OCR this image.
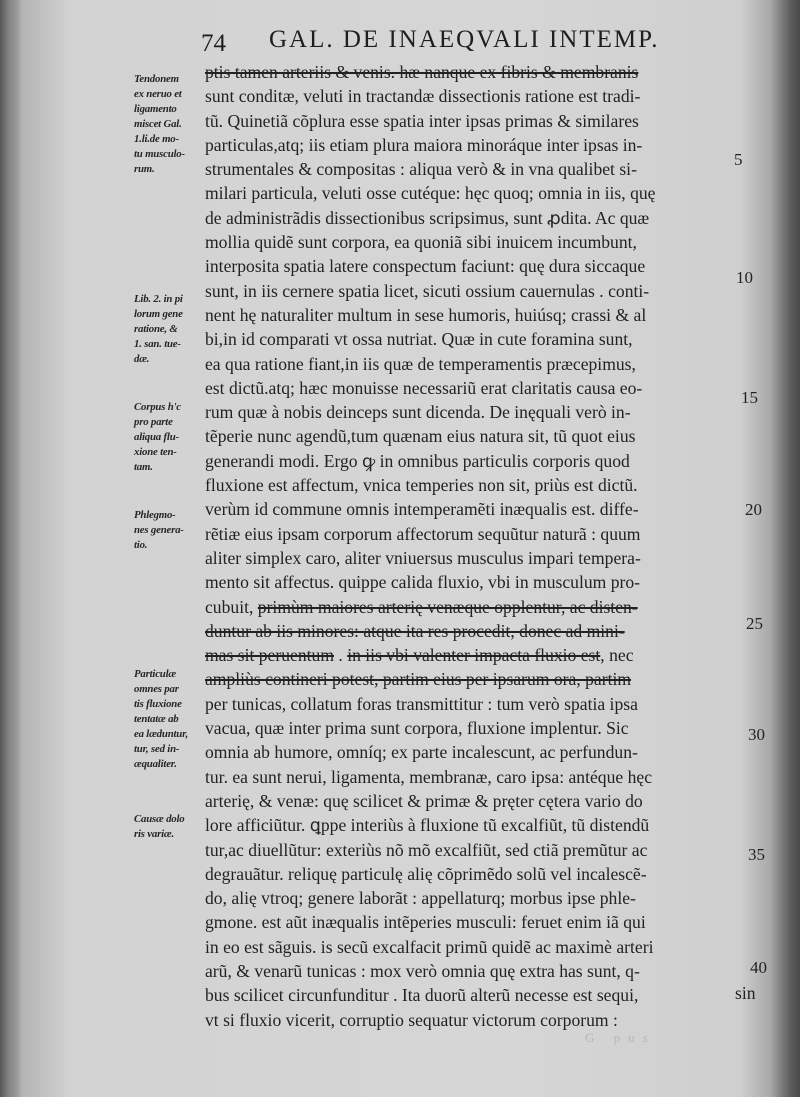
74 GAL. DE INAEQVALI INTEMP.
ptis tamen arteriis & venis. hæ nanque ex fibris & membranis
sunt conditæ, veluti in tractandæ dissectionis ratione est tradi-
tũ. Quinetiã cõplura esse spatia inter ipsas primas & similares
particulas,atq; iis etiam plura maiora minoráque inter ipsas in-
strumentales & compositas : aliqua verò & in vna qualibet si-
milari particula, veluti osse cutéque: hęc quoq; omnia in iis, quę
de administrãdis dissectionibus scripsimus, sunt ꝓdita. Ac quæ
mollia quidẽ sunt corpora, ea quoniã sibi inuicem incumbunt,
interposita spatia latere conspectum faciunt: quę dura siccaque
sunt, in iis cernere spatia licet, sicuti ossium cauernulas . conti-
nent hę naturaliter multum in sese humoris, huiúsq; crassi & al
bi,in id comparati vt ossa nutriat. Quæ in cute foramina sunt,
ea qua ratione fiant,in iis quæ de temperamentis præcepimus,
est dictũ.atq; hæc monuisse necessariũ erat claritatis causa eo-
rum quæ à nobis deinceps sunt dicenda. De inęquali verò in-
tẽperie nunc agendũ,tum quænam eius natura sit, tũ quot eius
generandi modi. Ergo ꝙ in omnibus particulis corporis quod
fluxione est affectum, vnica temperies non sit, priùs est dictũ.
verùm id commune omnis intemperamẽti inæqualis est. diffe-
rẽtiæ eius ipsam corporum affectorum sequũtur naturã : quum
aliter simplex caro, aliter vniuersus musculus impari tempera-
mento sit affectus. quippe calida fluxio, vbi in musculum pro-
cubuit, primùm maiores arterię venæque opplentur, ac disten-
duntur ab iis minores: atque ita res procedit, donec ad mini-
mas sit peruentum . in iis vbi valenter impacta fluxio est, nec
ampliùs contineri potest, partim eius per ipsarum ora, partim
per tunicas, collatum foras transmittitur : tum verò spatia ipsa
vacua, quæ inter prima sunt corpora, fluxione implentur. Sic
omnia ab humore, omníq; ex parte incalescunt, ac perfundun-
tur. ea sunt nerui, ligamenta, membranæ, caro ipsa: antéque hęc
arterię, & venæ: quę scilicet & primæ & pręter cętera vario do
lore afficiũtur. ꝗppe interiùs à fluxione tũ excalfiũt, tũ distendũ
tur,ac diuellũtur: exteriùs nõ mõ excalfiũt, sed ctiã premũtur ac
degrauãtur. reliquę particulę alię cõprimẽdo solũ vel incalescẽ-
do, alię vtroq; genere laborãt : appellaturq; morbus ipse phle-
gmone. est aũt inæqualis intẽperies musculi: feruet enim iã qui
in eo est sãguis. is secũ excalfacit primũ quidẽ ac maximè arteri
arũ, & venarũ tunicas : mox verò omnia quę extra has sunt, q-
bus scilicet circunfunditur . Ita duorũ alterũ necesse est sequi,
vt si fluxio vicerit, corruptio sequatur victorum corporum :
sin
Tendonem
ex neruo et
ligamento
miscet Gal.
1.li.de mo-
tu musculo-
rum.
Lib. 2. in pi
lorum gene
ratione, &
1. san. tue-
dæ.
Corpus h'c
pro parte
aliqua flu-
xione ten-
tam.
Phlegmo-
nes genera-
tio.
Particulæ
omnes par
tis fluxione
tentatæ ab
ea læduntur,
tur, sed in-
æqualiter.
Causæ dolo
ris variæ.
5
10
15
20
25
30
35
40
G pus
